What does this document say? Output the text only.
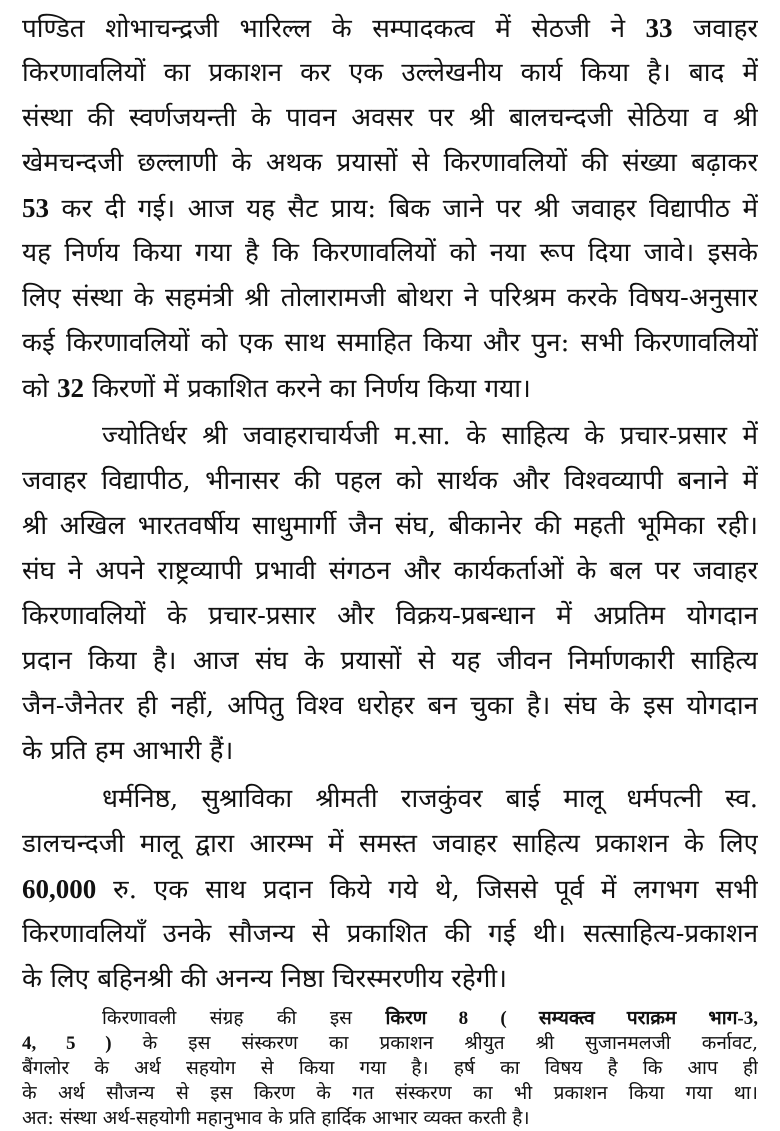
पण्डित शोभाचन्द्रजी भारिल्ल के सम्पादकत्व में सेठजी ने 33 जवाहर
किरणावलियों का प्रकाशन कर एक उल्लेखनीय कार्य किया है। बाद में
संस्था की स्वर्णजयन्ती के पावन अवसर पर श्री बालचन्दजी सेठिया व श्री
खेमचन्दजी छल्लाणी के अथक प्रयासों से किरणावलियों की संख्या बढ़ाकर
53 कर दी गई। आज यह सैट प्राय: बिक जाने पर श्री जवाहर विद्यापीठ में
यह निर्णय किया गया है कि किरणावलियों को नया रूप दिया जावे। इसके
लिए संस्था के सहमंत्री श्री तोलारामजी बोथरा ने परिश्रम करके विषय-अनुसार
कई किरणावलियों को एक साथ समाहित किया और पुन: सभी किरणावलियों
को 32 किरणों में प्रकाशित करने का निर्णय किया गया।
ज्योतिर्धर श्री जवाहराचार्यजी म.सा. के साहित्य के प्रचार-प्रसार में
जवाहर विद्यापीठ, भीनासर की पहल को सार्थक और विश्वव्यापी बनाने में
श्री अखिल भारतवर्षीय साधुमार्गी जैन संघ, बीकानेर की महती भूमिका रही।
संघ ने अपने राष्ट्रव्यापी प्रभावी संगठन और कार्यकर्ताओं के बल पर जवाहर
किरणावलियों के प्रचार-प्रसार और विक्रय-प्रबन्धान में अप्रतिम योगदान
प्रदान किया है। आज संघ के प्रयासों से यह जीवन निर्माणकारी साहित्य
जैन-जैनेतर ही नहीं, अपितु विश्व धरोहर बन चुका है। संघ के इस योगदान
के प्रति हम आभारी हैं।
धर्मनिष्ठ, सुश्राविका श्रीमती राजकुंवर बाई मालू धर्मपत्नी स्व.
डालचन्दजी मालू द्वारा आरम्भ में समस्त जवाहर साहित्य प्रकाशन के लिए
60,000 रु. एक साथ प्रदान किये गये थे, जिससे पूर्व में लगभग सभी
किरणावलियाँ उनके सौजन्य से प्रकाशित की गई थी। सत्साहित्य-प्रकाशन
के लिए बहिनश्री की अनन्य निष्ठा चिरस्मरणीय रहेगी।
किरणावली संग्रह की इस किरण 8 ( सम्यक्त्व पराक्रम भाग-3,
4, 5 ) के इस संस्करण का प्रकाशन श्रीयुत श्री सुजानमलजी कर्नावट,
बैंगलोर के अर्थ सहयोग से किया गया है। हर्ष का विषय है कि आप ही
के अर्थ सौजन्य से इस किरण के गत संस्करण का भी प्रकाशन किया गया था।
अत: संस्था अर्थ-सहयोगी महानुभाव के प्रति हार्दिक आभार व्यक्त करती है।
